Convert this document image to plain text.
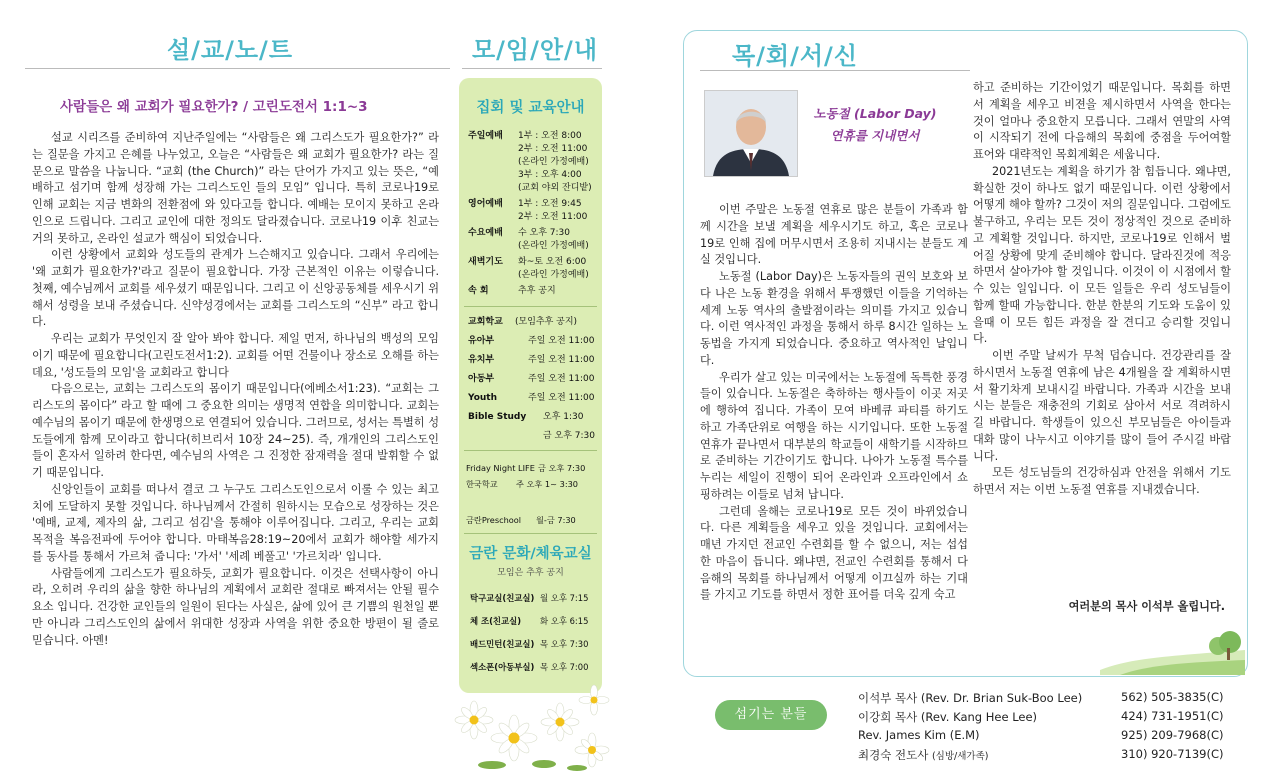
설/교/노/트
사람들은 왜 교회가 필요한가? / 고린도전서 1:1~3

설교 시리즈를 준비하여 지난주일에는 “사람들은 왜 그리스도가 필요한가?” 라는 질문을 가지고 은혜를 나누었고, 오늘은 “사람들은 왜 교회가 필요한가? 라는 질문으로 말씀을 나눕니다. “교회 (the Church)” 라는 단어가 가지고 있는 뜻은, “예배하고 섬기며 함께 성장해 가는 그리스도인 들의 모임” 입니다. 특히 코로나19로 인해 교회는 지금 변화의 전환점에 와 있다고들 합니다. 예배는 모이지 못하고 온라인으로 드립니다. 그리고 교인에 대한 정의도 달라졌습니다. 코로나19 이후 친교는 거의 못하고, 온라인 설교가 핵심이 되었습니다.

이런 상황에서 교회와 성도들의 관계가 느슨해지고 있습니다. 그래서 우리에는 '왜 교회가 필요한가?'라고 질문이 필요합니다. 가장 근본적인 이유는 이렇습니다. 첫째, 예수님께서 교회를 세우셨기 때문입니다. 그리고 이 신앙공동체를 세우시기 위해서 성령을 보내 주셨습니다. 신약성경에서는 교회를 그리스도의 “신부” 라고 합니다.

우리는 교회가 무엇인지 잘 알아 봐야 합니다. 제일 먼저, 하나님의 백성의 모임이기 때문에 필요합니다(고린도전서1:2). 교회를 어떤 건물이나 장소로 오해를 하는데요, '성도들의 모임'을 교회라고 합니다

다음으로는, 교회는 그리스도의 몸이기 때문입니다(에베소서1:23). “교회는 그리스도의 몸이다” 라고 할 때에 그 중요한 의미는 생명적 연합을 의미합니다. 교회는 예수님의 몸이기 때문에 한생명으로 연결되어 있습니다. 그러므로, 성서는 특별히 성도들에게 함께 모이라고 합니다(히브리서 10장 24~25). 즉, 개개인의 그리스도인들이 혼자서 일하려 한다면, 예수님의 사역은 그 진정한 잠재력을 절대 발휘할 수 없기 때문입니다.

신앙인들이 교회를 떠나서 결코 그 누구도 그리스도인으로서 이룰 수 있는 최고치에 도달하지 못할 것입니다. 하나님께서 간절히 원하시는 모습으로 성장하는 것은 '예배, 교제, 제자의 삶, 그리고 섬김'을 통해야 이루어집니다. 그리고, 우리는 교회 목적을 복음전파에 두어야 합니다. 마태복음28:19~20에서 교회가 해야할 세가지를 동사를 통해서 가르쳐 줍니다: '가서' '세례 베풀고' '가르치라' 입니다.

사람들에게 그리스도가 필요하듯, 교회가 필요합니다. 이것은 선택사항이 아니라, 오히려 우리의 삶을 향한 하나님의 계획에서 교회란 절대로 빠져서는 안될 필수 요소 입니다. 건강한 교인들의 일원이 된다는 사실은, 삶에 있어 큰 기쁨의 원천일 뿐만 아니라 그리스도인의 삶에서 위대한 성장과 사역을 위한 중요한 방편이 될 줄로 믿습니다. 아멘!

모/임/안/내
집회 및 교육안내
주일예배 1부 : 오전 8:00
2부 : 오전 11:00
(온라인 가정예배)
3부 : 오후 4:00
(교회 야외 잔디밭)
영어예배 1부 : 오전 9:45
2부 : 오전 11:00
수요예배 수 오후 7:30
(온라인 가정예배)
새벽기도 화~토 오전 6:00
(온라인 가정예배)
속 회	추후 공지
교회학교 (모임추후 공지)
유아부	주일 오전 11:00
유치부	주일 오전 11:00
아동부	주일 오전 11:00
Youth	주일 오전 11:00
Bible Study 오후 1:30
금 오후 7:30
Friday Night LIFE 금 오후 7:30
한국학교 주 오후 1~ 3:30
금란Preschool 월-금 7:30
금란 문화/체육교실
모임은 추후 공지
탁구교실(친교실) 월 오후 7:15
체 조(친교실) 화 오후 6:15
배드민턴(친교실) 목 오후 7:30
섹소폰(아동부실) 목 오후 7:00
목/회/서/신
노동절 (Labor Day)
연휴를 지내면서

이번 주말은 노동절 연휴로 많은 분들이 가족과 함께 시간을 보낼 계획을 세우시기도 하고, 혹은 코로나19로 인해 집에 머무시면서 조용히 지내시는 분들도 계실 것입니다.

노동절 (Labor Day)은 노동자들의 권익 보호와 보다 나은 노동 환경을 위해서 투쟁했던 이들을 기억하는 세계 노동 역사의 출발점이라는 의미를 가지고 있습니다. 이런 역사적인 과정을 통해서 하루 8시간 일하는 노동법을 가지게 되었습니다. 중요하고 역사적인 날입니다.

우리가 살고 있는 미국에서는 노동절에 독특한 풍경들이 있습니다. 노동절은 축하하는 행사들이 이곳 저곳에 행하여 집니다. 가족이 모여 바베큐 파티를 하기도 하고 가족단위로 여행을 하는 시기입니다. 또한 노동절 연휴가 끝나면서 대부분의 학교들이 새학기를 시작하므로 준비하는 기간이기도 합니다. 나아가 노동절 특수를 누리는 세일이 진행이 되어 온라인과 오프라인에서 쇼핑하려는 이들로 넘쳐 납니다.

그런데 올해는 코로나19로 모든 것이 바뀌었습니다. 다른 계획들을 세우고 있을 것입니다. 교회에서는 매년 가지던 전교인 수련회를 할 수 없으니, 저는 섭섭한 마음이 듭니다. 왜냐면, 전교인 수련회를 통해서 다음해의 목회를 하나님께서 어떻게 이끄실까 하는 기대를 가지고 기도를 하면서 정한 표어를 더욱 깊게 숙고

하고 준비하는 기간이었기 때문입니다. 목회를 하면서 계획을 세우고 비젼을 제시하면서 사역을 한다는 것이 얼마나 중요한지 모릅니다. 그래서 연말의 사역이 시작되기 전에 다음해의 목회에 중점을 두어여할 표어와 대략적인 목회계획은 세웁니다.

2021년도는 계획을 하기가 참 힘듭니다. 왜냐면, 확실한 것이 하나도 없기 때문입니다. 이런 상황에서 어떻게 해야 할까? 그것이 저의 질문입니다. 그럼에도 불구하고, 우리는 모든 것이 정상적인 것으로 준비하고 계획할 것입니다. 하지만, 코로나19로 인해서 벌어질 상황에 맞게 준비해야 합니다. 달라진것에 적응하면서 살아가야 할 것입니다. 이것이 이 시점에서 할 수 있는 일입니다. 이 모든 일들은 우리 성도님들이 함께 할때 가능합니다. 한분 한분의 기도와 도움이 있을때 이 모든 힘든 과정을 잘 견디고 승리할 것입니다.

이번 주말 날씨가 무척 덥습니다. 건강관리를 잘 하시면서 노동절 연휴에 남은 4개월을 잘 계획하시면서 활기차게 보내시길 바랍니다. 가족과 시간을 보내시는 분들은 재충전의 기회로 삼아서 서로 격려하시길 바랍니다. 학생들이 있으신 부모님들은 아이들과 대화 많이 나누시고 이야기를 많이 들어 주시길 바랍니다.

모든 성도님들의 건강하심과 안전을 위해서 기도하면서 저는 이번 노동절 연휴를 지내겠습니다.

여러분의 목사 이석부 올립니다.
섬기는 분들
이석부 목사 (Rev. Dr. Brian Suk-Boo Lee)	562) 505-3835(C)
이강희 목사 (Rev. Kang Hee Lee)	424) 731-1951(C)
Rev. James Kim (E.M)	925) 209-7968(C)
최경숙 전도사 (심방/새가족)	310) 920-7139(C)
